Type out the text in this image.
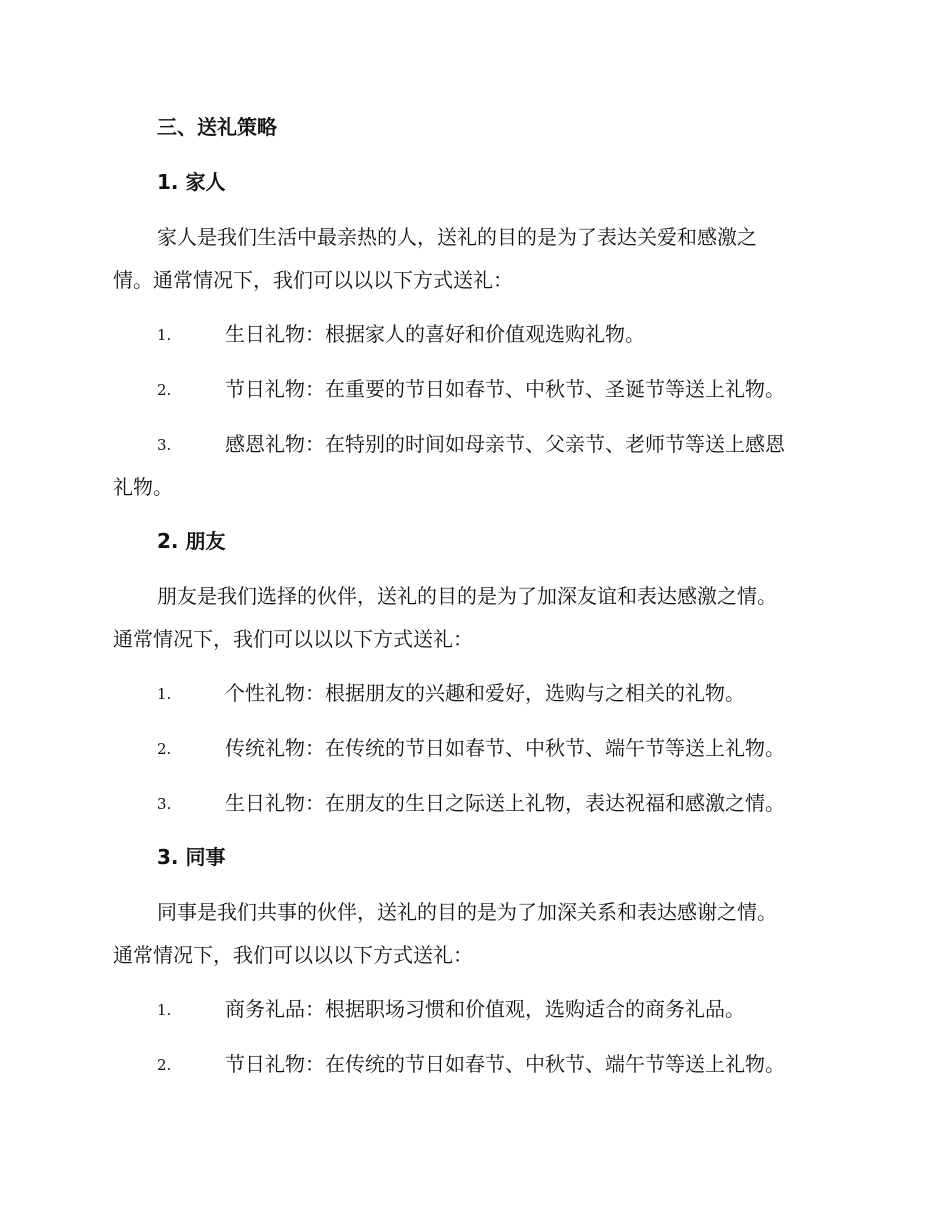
三、送礼策略
1. 家人
家人是我们生活中最亲热的人，送礼的目的是为了表达关爱和感激之
情。通常情况下，我们可以以以下方式送礼：
1.	生日礼物：根据家人的喜好和价值观选购礼物。
2.	节日礼物：在重要的节日如春节、中秋节、圣诞节等送上礼物。
3.	感恩礼物：在特别的时间如母亲节、父亲节、老师节等送上感恩
礼物。
2. 朋友
朋友是我们选择的伙伴，送礼的目的是为了加深友谊和表达感激之情。
通常情况下，我们可以以以下方式送礼：
1.	个性礼物：根据朋友的兴趣和爱好，选购与之相关的礼物。
2.	传统礼物：在传统的节日如春节、中秋节、端午节等送上礼物。
3.	生日礼物：在朋友的生日之际送上礼物，表达祝福和感激之情。
3. 同事
同事是我们共事的伙伴，送礼的目的是为了加深关系和表达感谢之情。
通常情况下，我们可以以以下方式送礼：
1.	商务礼品：根据职场习惯和价值观，选购适合的商务礼品。
2.	节日礼物：在传统的节日如春节、中秋节、端午节等送上礼物。
